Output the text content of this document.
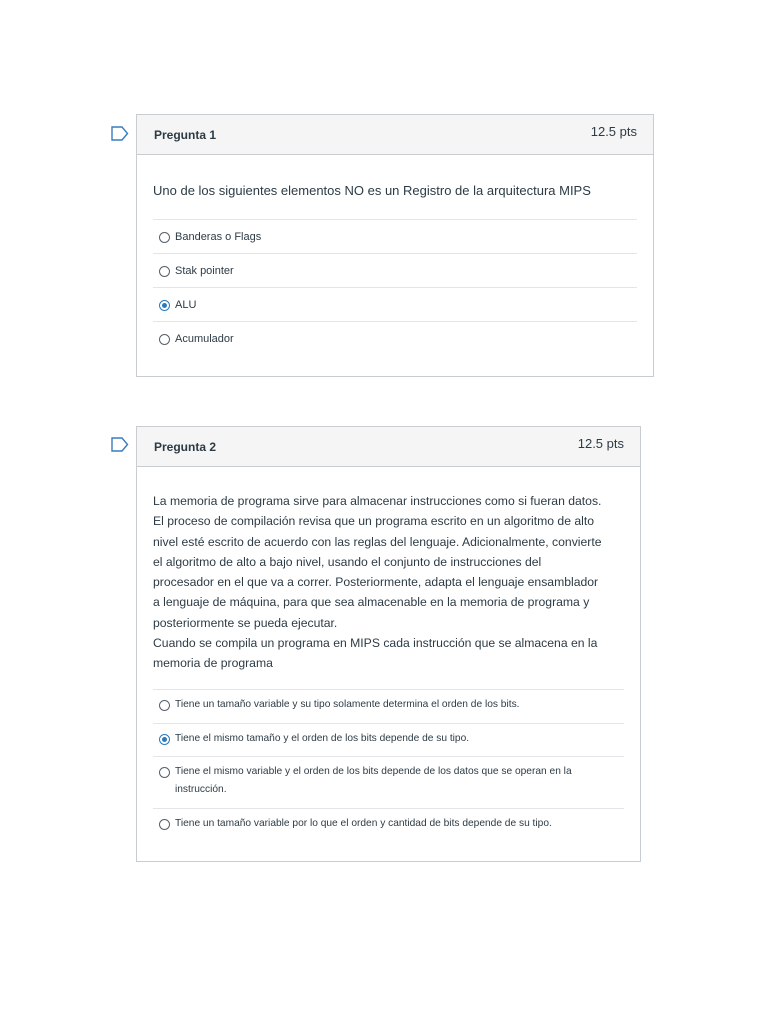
Pregunta 1	12.5 pts
Uno de los siguientes elementos NO es un Registro de la arquitectura MIPS
Banderas o Flags
Stak pointer
ALU
Acumulador
Pregunta 2	12.5 pts
La memoria de programa sirve para almacenar instrucciones como si fueran datos.
El proceso de compilación revisa que un programa escrito en un algoritmo de alto
nivel esté escrito de acuerdo con las reglas del lenguaje. Adicionalmente, convierte
el algoritmo de alto a bajo nivel, usando el conjunto de instrucciones del
procesador en el que va a correr. Posteriormente, adapta el lenguaje ensamblador
a lenguaje de máquina, para que sea almacenable en la memoria de programa y
posteriormente se pueda ejecutar.
Cuando se compila un programa en MIPS cada instrucción que se almacena en la
memoria de programa
Tiene un tamaño variable y su tipo solamente determina el orden de los bits.
Tiene el mismo tamaño y el orden de los bits depende de su tipo.
Tiene el mismo variable y el orden de los bits depende de los datos que se operan en la
instrucción.
Tiene un tamaño variable por lo que el orden y cantidad de bits depende de su tipo.
